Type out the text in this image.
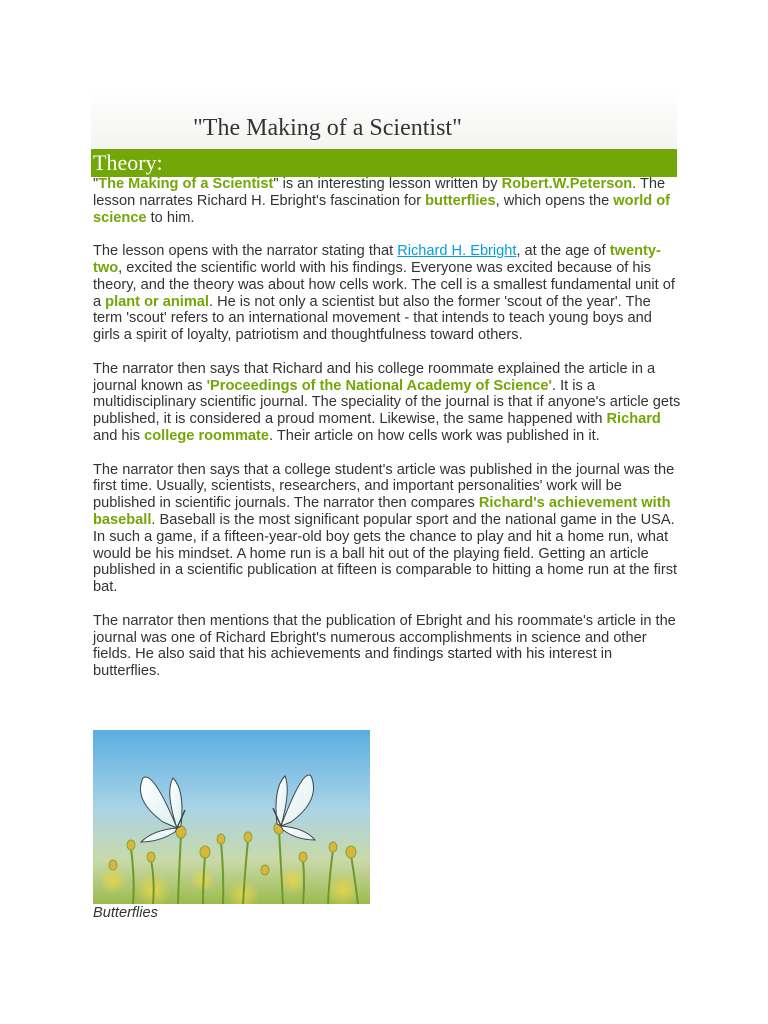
"The Making of a Scientist"
Theory:

"The Making of a Scientist" is an interesting lesson written by Robert.W.Peterson. The lesson narrates Richard H. Ebright's fascination for butterflies, which opens the world of science to him.

The lesson opens with the narrator stating that Richard H. Ebright, at the age of twenty-two, excited the scientific world with his findings. Everyone was excited because of his theory, and the theory was about how cells work. The cell is a smallest fundamental unit of a plant or animal. He is not only a scientist but also the former 'scout of the year'. The term 'scout' refers to an international movement - that intends to teach young boys and girls a spirit of loyalty, patriotism and thoughtfulness toward others.

The narrator then says that Richard and his college roommate explained the article in a journal known as 'Proceedings of the National Academy of Science'. It is a multidisciplinary scientific journal. The speciality of the journal is that if anyone's article gets published, it is considered a proud moment. Likewise, the same happened with Richard and his college roommate. Their article on how cells work was published in it.

The narrator then says that a college student's article was published in the journal was the first time. Usually, scientists, researchers, and important personalities' work will be published in scientific journals. The narrator then compares Richard's achievement with baseball. Baseball is the most significant popular sport and the national game in the USA. In such a game, if a fifteen-year-old boy gets the chance to play and hit a home run, what would be his mindset. A home run is a ball hit out of the playing field. Getting an article published in a scientific publication at fifteen is comparable to hitting a home run at the first bat.

The narrator then mentions that the publication of Ebright and his roommate's article in the journal was one of Richard Ebright's numerous accomplishments in science and other fields. He also said that his achievements and findings started with his interest in butterflies.

Butterflies
